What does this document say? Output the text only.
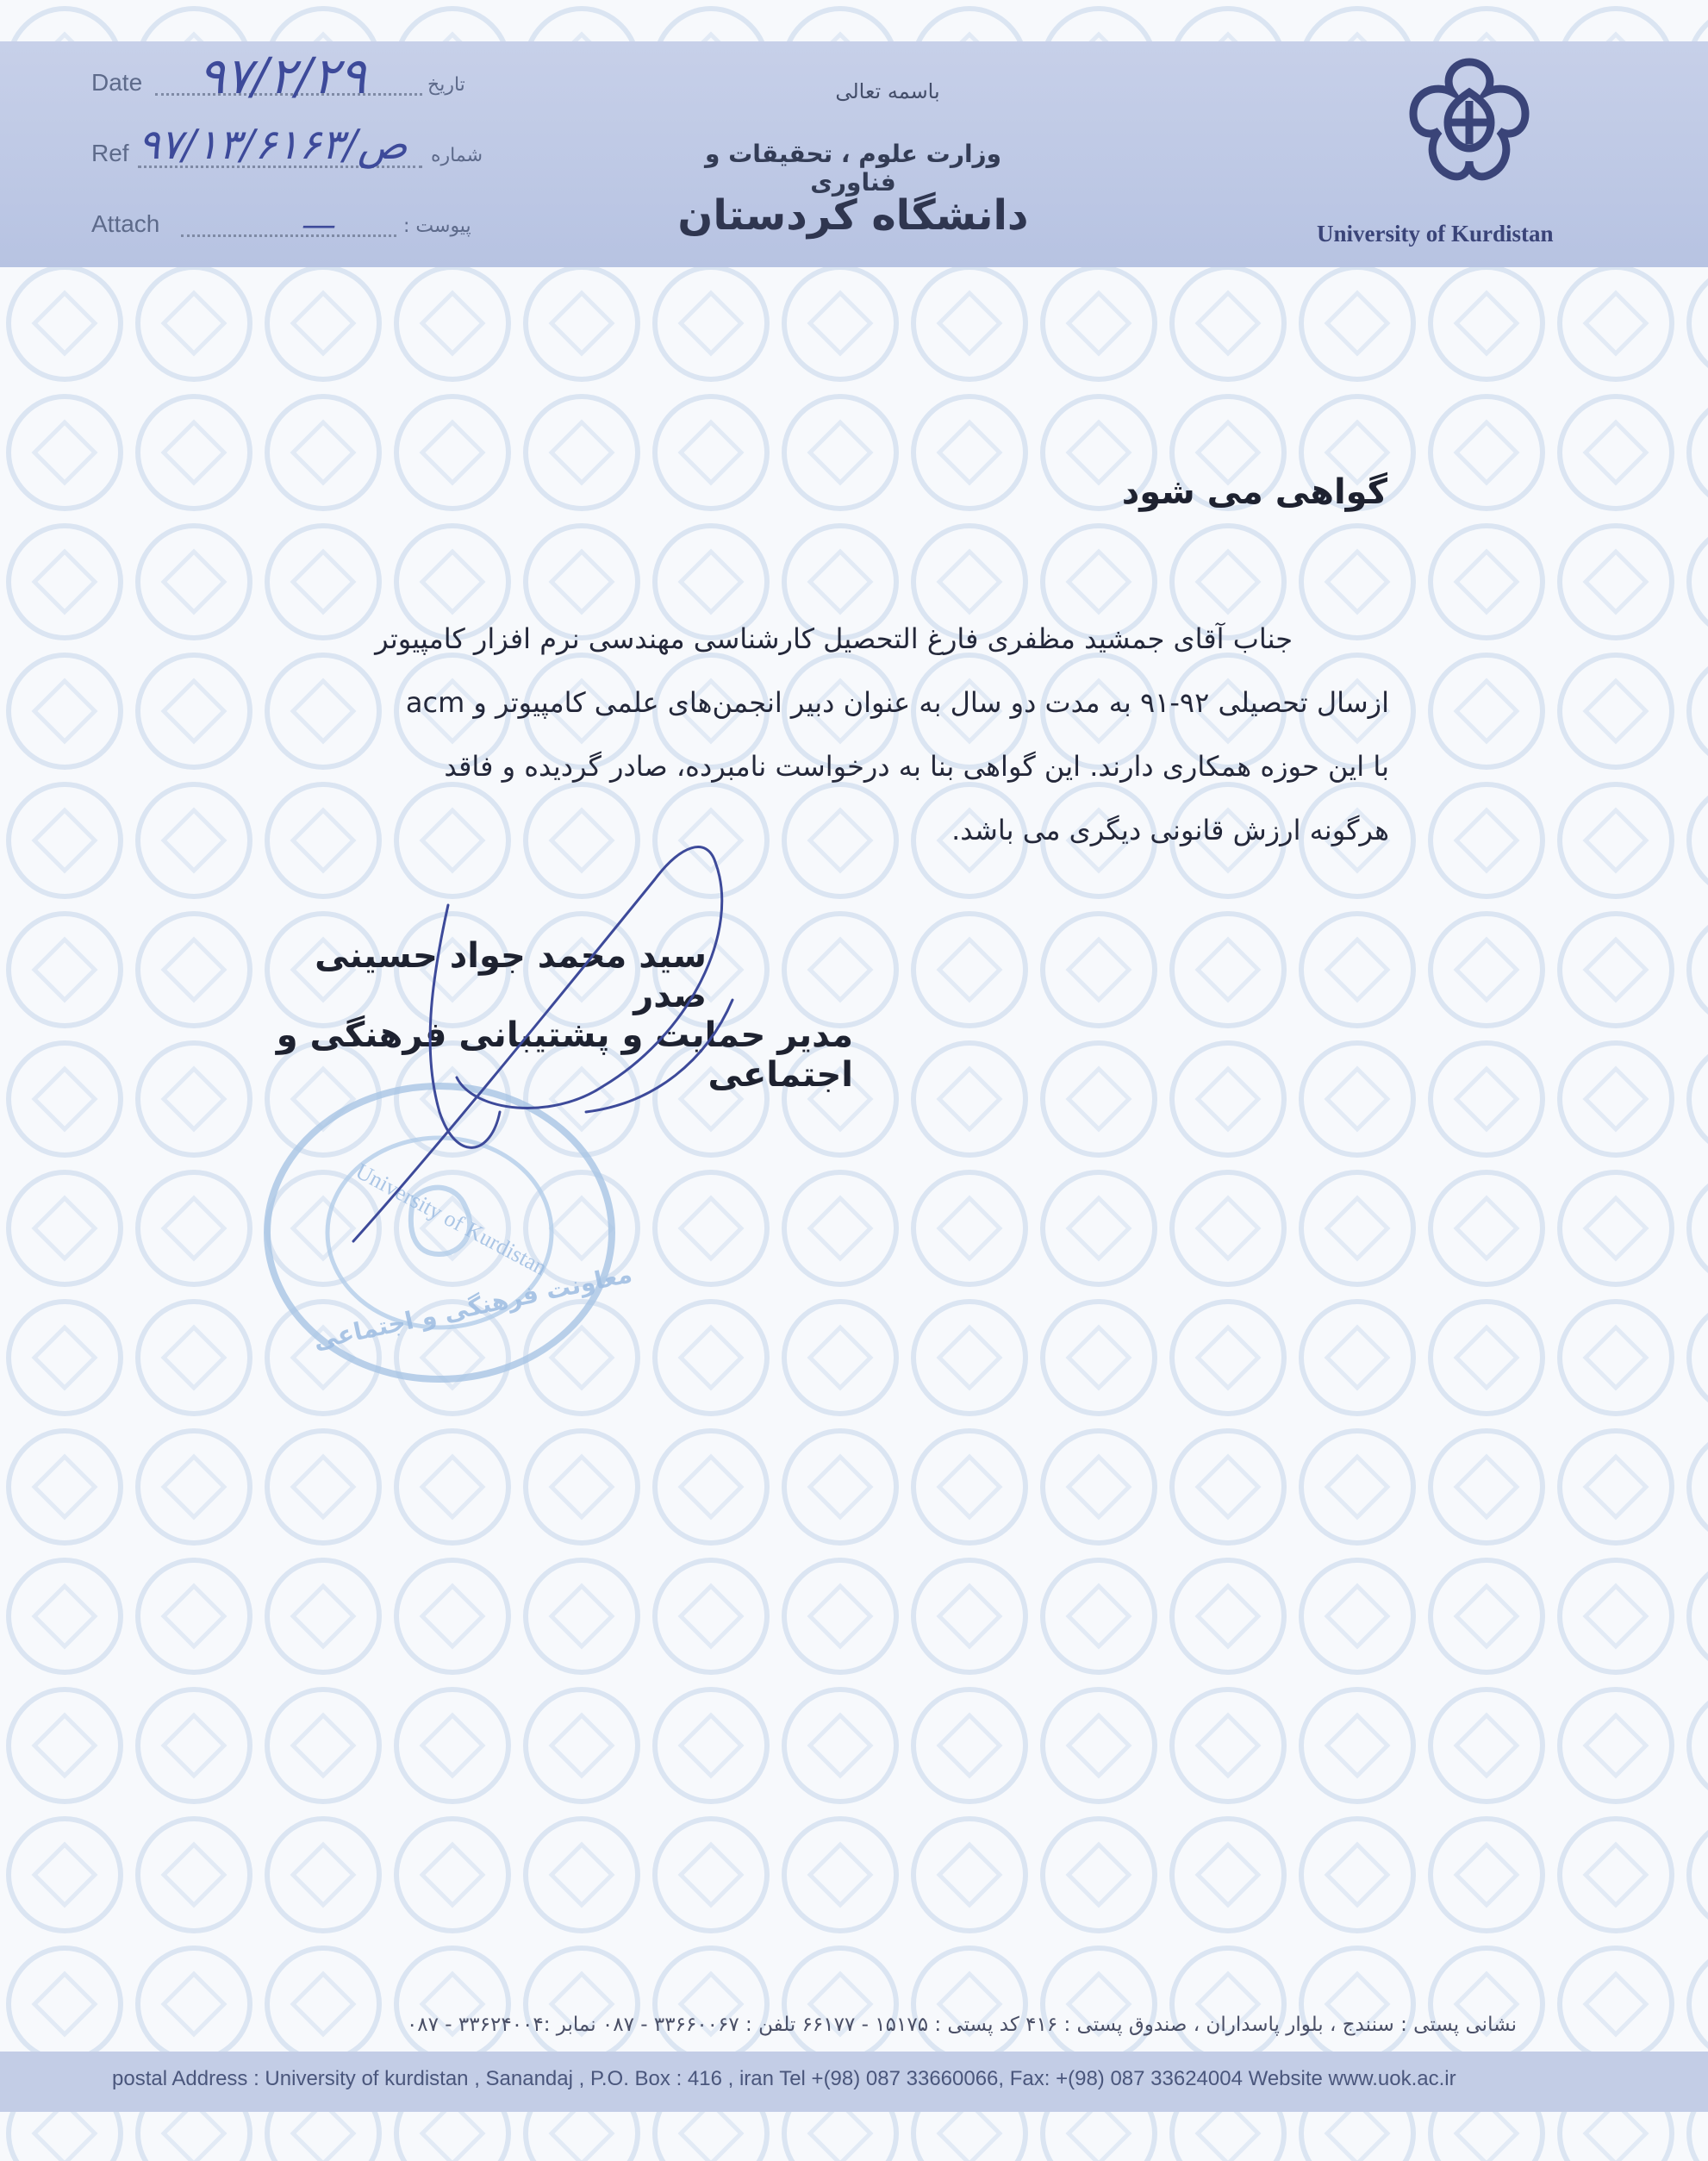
Date ۹۷/۲/۲۹	تاریخ
Ref ص/۹۷/۱۳/۶۱۶۳ شماره
Attach	—	پیوست :
باسمه تعالی
وزارت علوم ، تحقیقات و فناوری
دانشگاه کردستان	University of Kurdistan
گواهی می شود
جناب آقای جمشید مظفری فارغ التحصیل کارشناسی مهندسی نرم افزار کامپیوتر
ازسال تحصیلی ۹۲-۹۱ به مدت دو سال به عنوان دبیر انجمن‌های علمی کامپیوتر و acm
با این حوزه همکاری دارند. این گواهی بنا به درخواست نامبرده، صادر گردیده و فاقد
هرگونه ارزش قانونی دیگری می باشد.
University of Kurdistan
معاونت فرهنگی و اجتماعی
سید محمد جواد حسینی صدر
مدیر حمایت و پشتیبانی فرهنگی و اجتماعی
نشانی پستی : سنندج ، بلوار پاسداران ، صندوق پستی : ۴۱۶ کد پستی : ۱۵۱۷۵ - ۶۶۱۷۷ تلفن : ۳۳۶۶۰۰۶۷ - ۰۸۷ نمابر :۳۳۶۲۴۰۰۴ - ۰۸۷
postal Address : University of kurdistan , Sanandaj , P.O. Box : 416 , iran Tel +(98) 087 33660066, Fax: +(98) 087 33624004 Website www.uok.ac.ir
